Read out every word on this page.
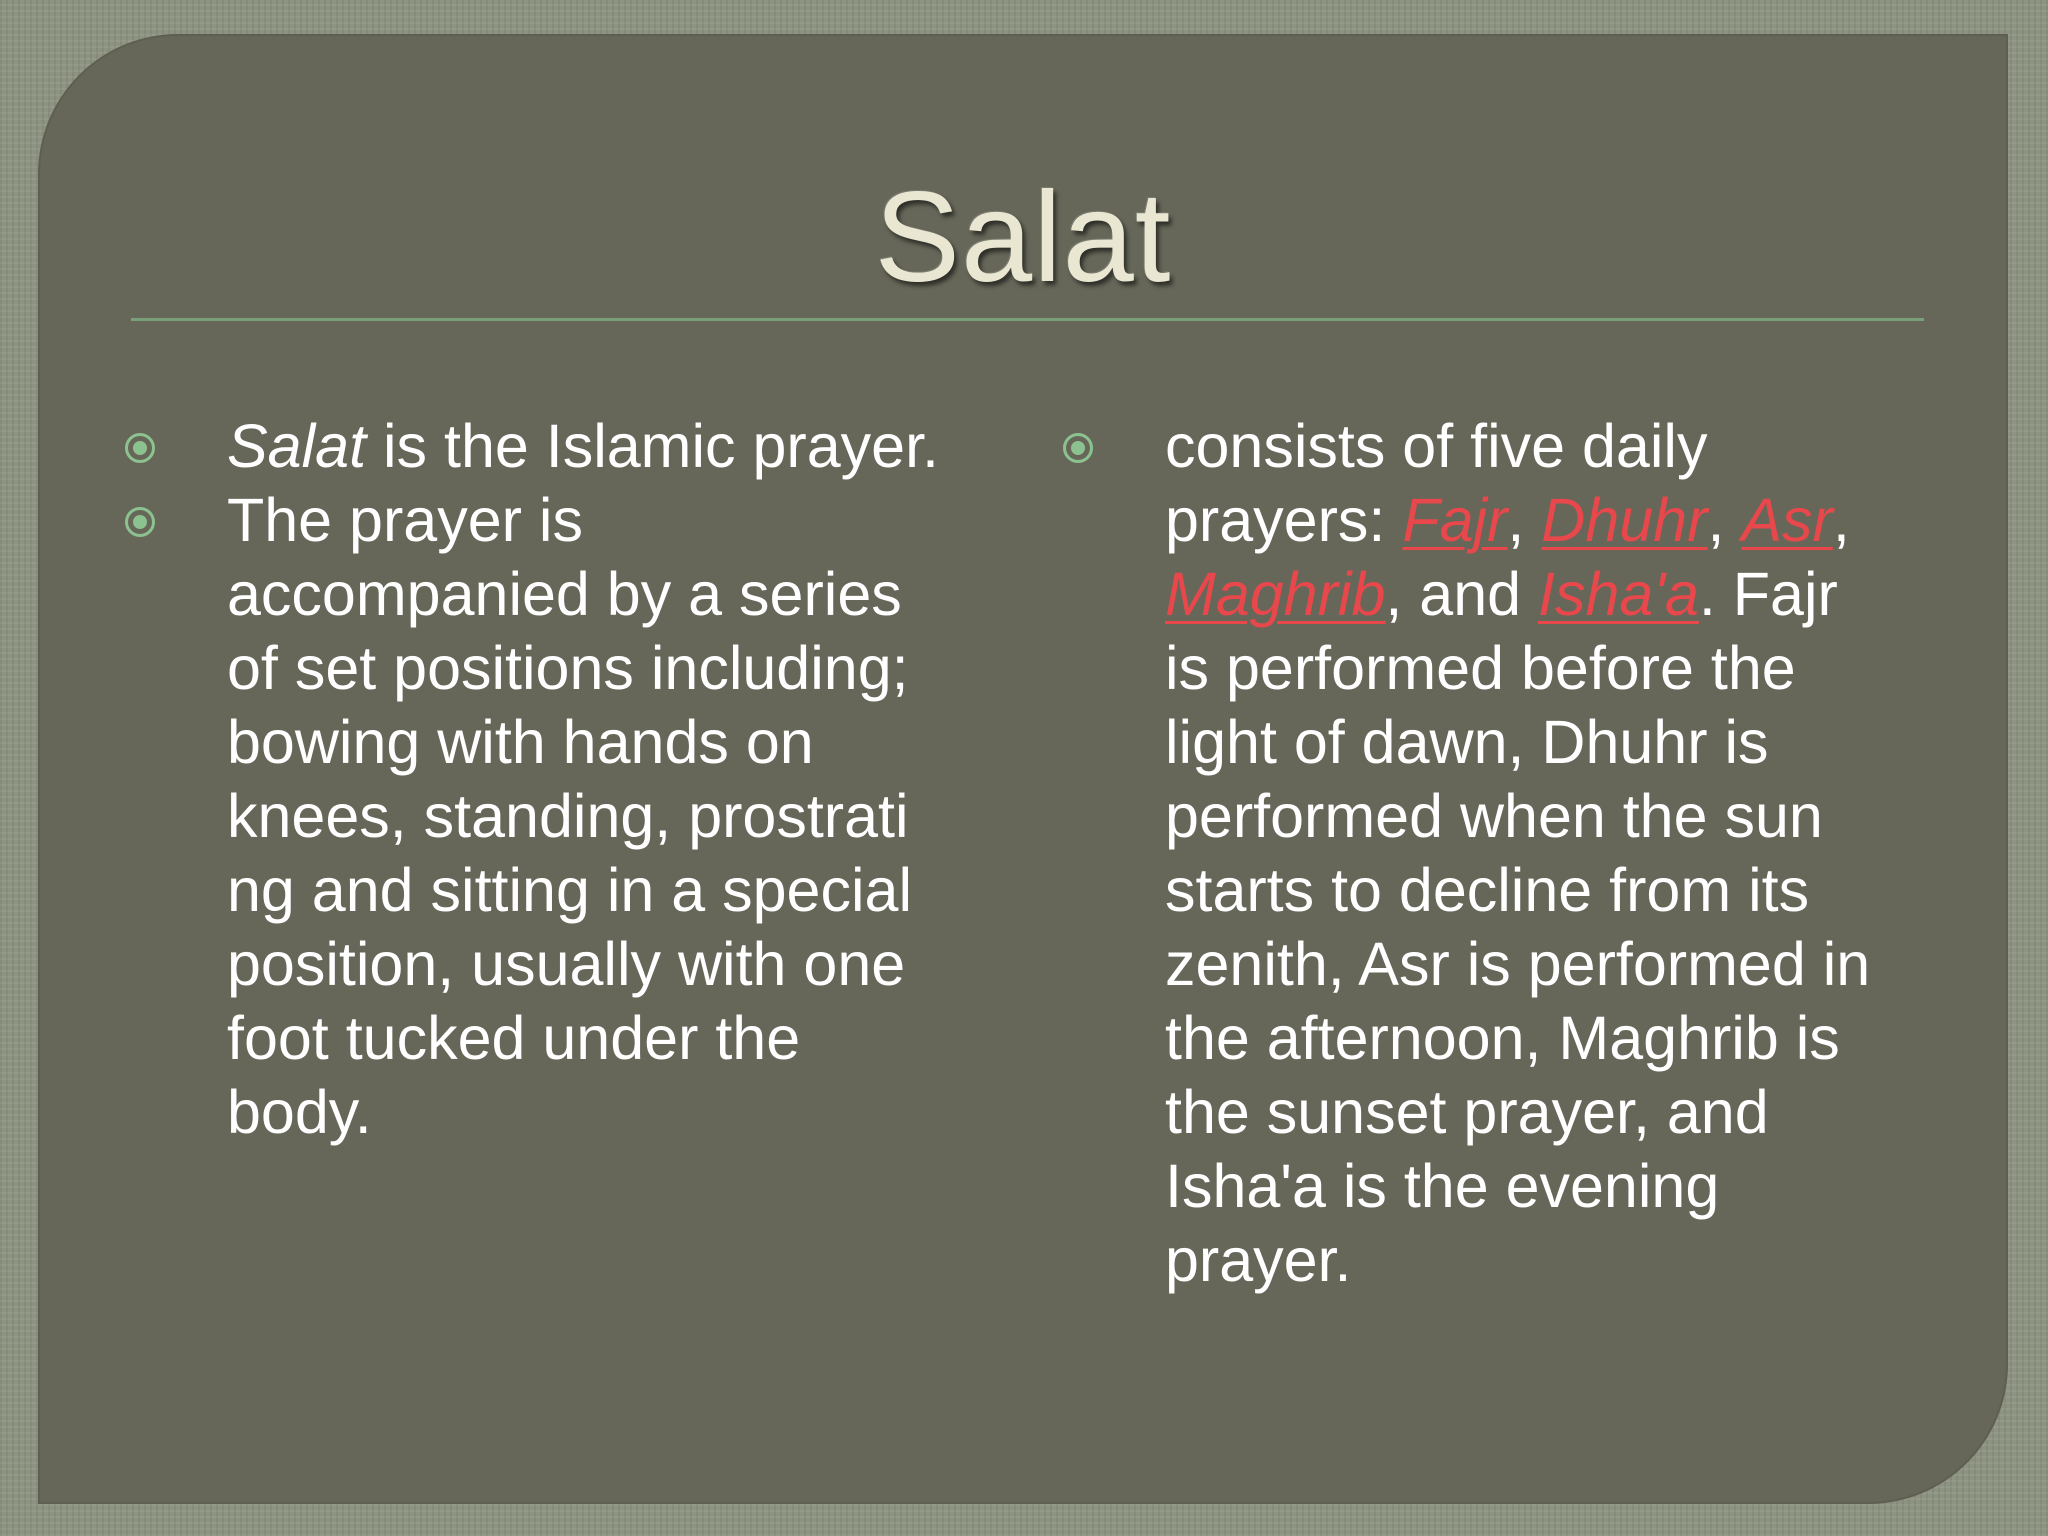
Salat
Salat is the Islamic prayer.
The prayer is
accompanied by a series
of set positions including;
bowing with hands on
knees, standing, prostrati
ng and sitting in a special
position, usually with one
foot tucked under the
body.
consists of five daily
prayers: Fajr, Dhuhr, Asr,
Maghrib, and Isha'a. Fajr
is performed before the
light of dawn, Dhuhr is
performed when the sun
starts to decline from its
zenith, Asr is performed in
the afternoon, Maghrib is
the sunset prayer, and
Isha'a is the evening
prayer.
